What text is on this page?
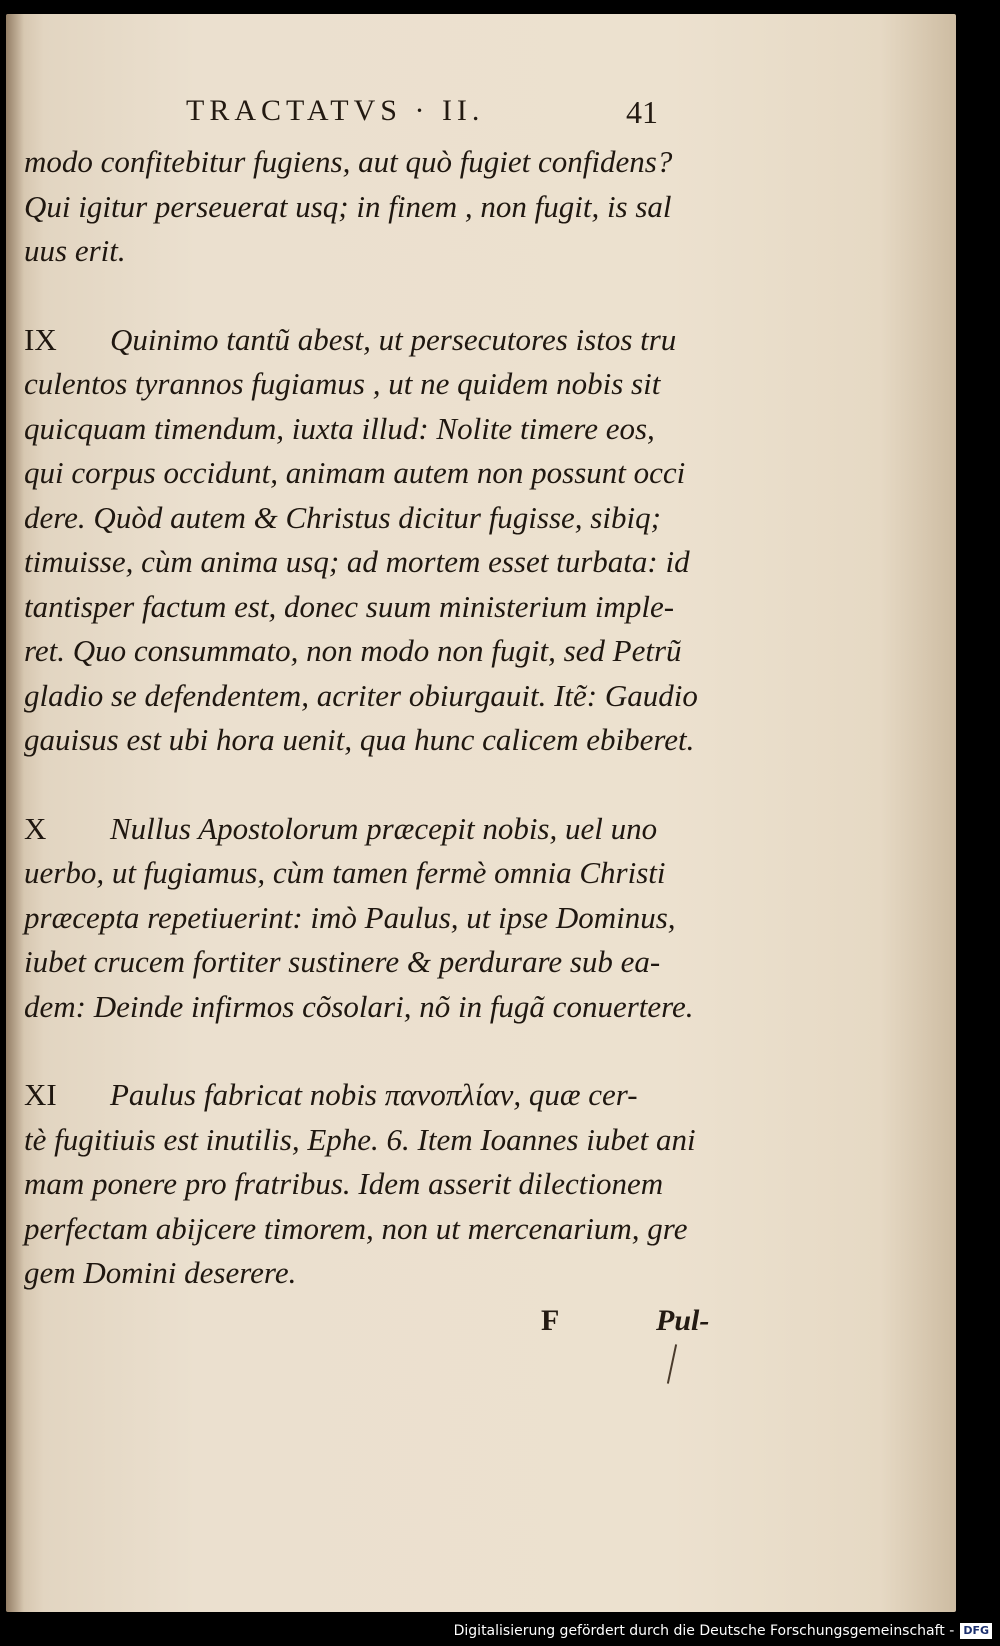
TRACTATVS · II.	41
modo confitebitur fugiens, aut quò fugiet confidens?
Qui igitur perseuerat usq; in finem , non fugit, is sal
uus erit.
IX Quinimo tantũ abest, ut persecutores istos tru
culentos tyrannos fugiamus , ut ne quidem nobis sit
quicquam timendum, iuxta illud: Nolite timere eos,
qui corpus occidunt, animam autem non possunt occi
dere. Quòd autem & Christus dicitur fugisse, sibiq;
timuisse, cùm anima usq; ad mortem esset turbata: id
tantisper factum est, donec suum ministerium imple-
ret. Quo consummato, non modo non fugit, sed Petrũ
gladio se defendentem, acriter obiurgauit. Itẽ: Gaudio
gauisus est ubi hora uenit, qua hunc calicem ebiberet.
X Nullus Apostolorum præcepit nobis, uel uno
uerbo, ut fugiamus, cùm tamen fermè omnia Christi
præcepta repetiuerint: imò Paulus, ut ipse Dominus,
iubet crucem fortiter sustinere & perdurare sub ea-
dem: Deinde infirmos cõsolari, nõ in fugã conuertere.
XI Paulus fabricat nobis πανοπλίαν, quæ cer-
tè fugitiuis est inutilis, Ephe. 6. Item Ioannes iubet ani
mam ponere pro fratribus. Idem asserit dilectionem
perfectam abijcere timorem, non ut mercenarium, gre
gem Domini deserere.
F	Pul-
Digitalisierung gefördert durch die Deutsche Forschungsgemeinschaft - DFG
